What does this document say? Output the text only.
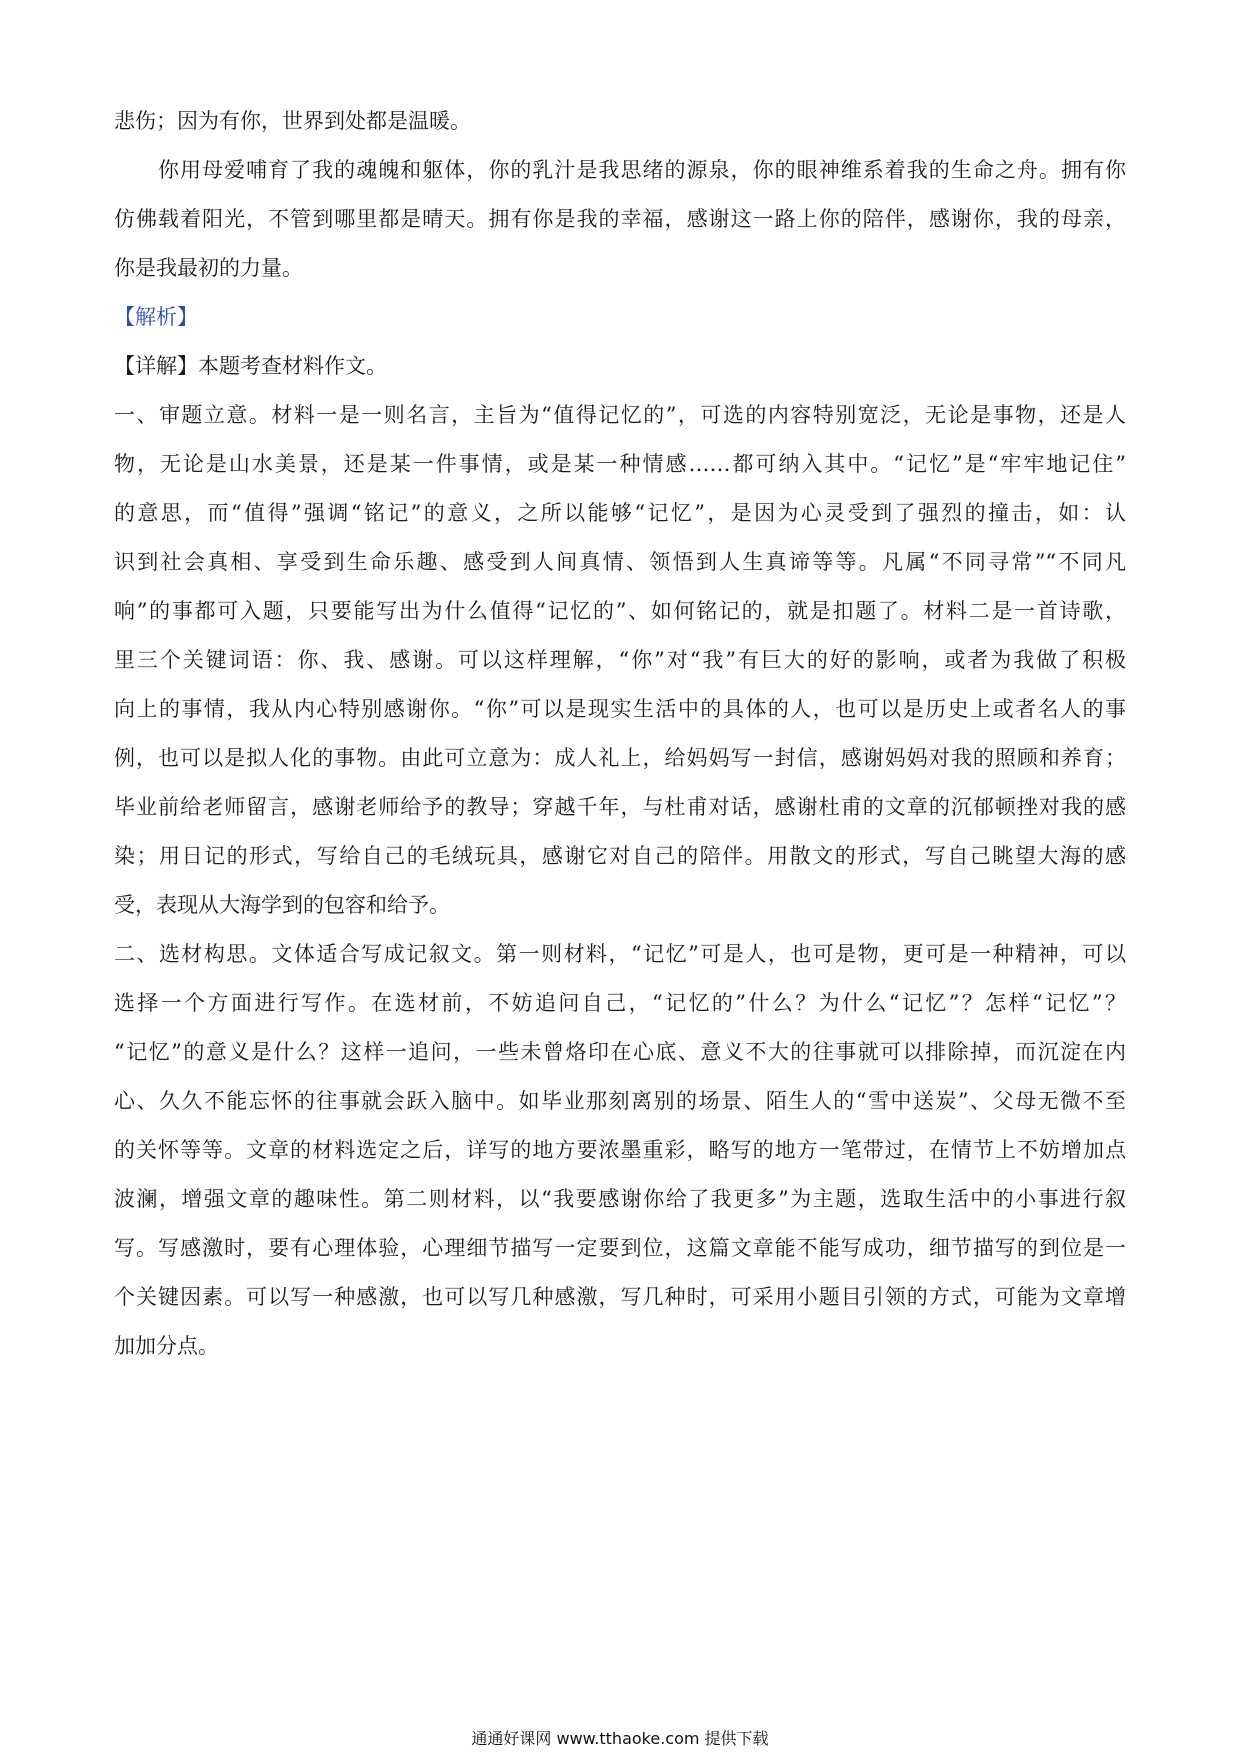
悲伤；因为有你，世界到处都是温暖。
你用母爱哺育了我的魂魄和躯体，你的乳汁是我思绪的源泉，你的眼神维系着我的生命之舟。拥有你
仿佛载着阳光，不管到哪里都是晴天。拥有你是我的幸福，感谢这一路上你的陪伴，感谢你，我的母亲，
你是我最初的力量。
【解析】
【详解】本题考查材料作文。
一、审题立意。材料一是一则名言，主旨为“值得记忆的”，可选的内容特别宽泛，无论是事物，还是人
物，无论是山水美景，还是某一件事情，或是某一种情感……都可纳入其中。“记忆”是“牢牢地记住”
的意思，而“值得”强调“铭记”的意义，之所以能够“记忆”，是因为心灵受到了强烈的撞击，如：认
识到社会真相、享受到生命乐趣、感受到人间真情、领悟到人生真谛等等。凡属“不同寻常”“不同凡
响”的事都可入题，只要能写出为什么值得“记忆的”、如何铭记的，就是扣题了。材料二是一首诗歌，
里三个关键词语：你、我、感谢。可以这样理解，“你”对“我”有巨大的好的影响，或者为我做了积极
向上的事情，我从内心特别感谢你。“你”可以是现实生活中的具体的人，也可以是历史上或者名人的事
例，也可以是拟人化的事物。由此可立意为：成人礼上，给妈妈写一封信，感谢妈妈对我的照顾和养育；
毕业前给老师留言，感谢老师给予的教导；穿越千年，与杜甫对话，感谢杜甫的文章的沉郁顿挫对我的感
染；用日记的形式，写给自己的毛绒玩具，感谢它对自己的陪伴。用散文的形式，写自己眺望大海的感
受，表现从大海学到的包容和给予。
二、选材构思。文体适合写成记叙文。第一则材料，“记忆”可是人，也可是物，更可是一种精神，可以
选择一个方面进行写作。在选材前，不妨追问自己，“记忆的”什么？为什么“记忆”？怎样“记忆”？
“记忆”的意义是什么？这样一追问，一些未曾烙印在心底、意义不大的往事就可以排除掉，而沉淀在内
心、久久不能忘怀的往事就会跃入脑中。如毕业那刻离别的场景、陌生人的“雪中送炭”、父母无微不至
的关怀等等。文章的材料选定之后，详写的地方要浓墨重彩，略写的地方一笔带过，在情节上不妨增加点
波澜，增强文章的趣味性。第二则材料，以“我要感谢你给了我更多”为主题，选取生活中的小事进行叙
写。写感激时，要有心理体验，心理细节描写一定要到位，这篇文章能不能写成功，细节描写的到位是一
个关键因素。可以写一种感激，也可以写几种感激，写几种时，可采用小题目引领的方式，可能为文章增
加加分点。
通通好课网 www.tthaoke.com 提供下载
